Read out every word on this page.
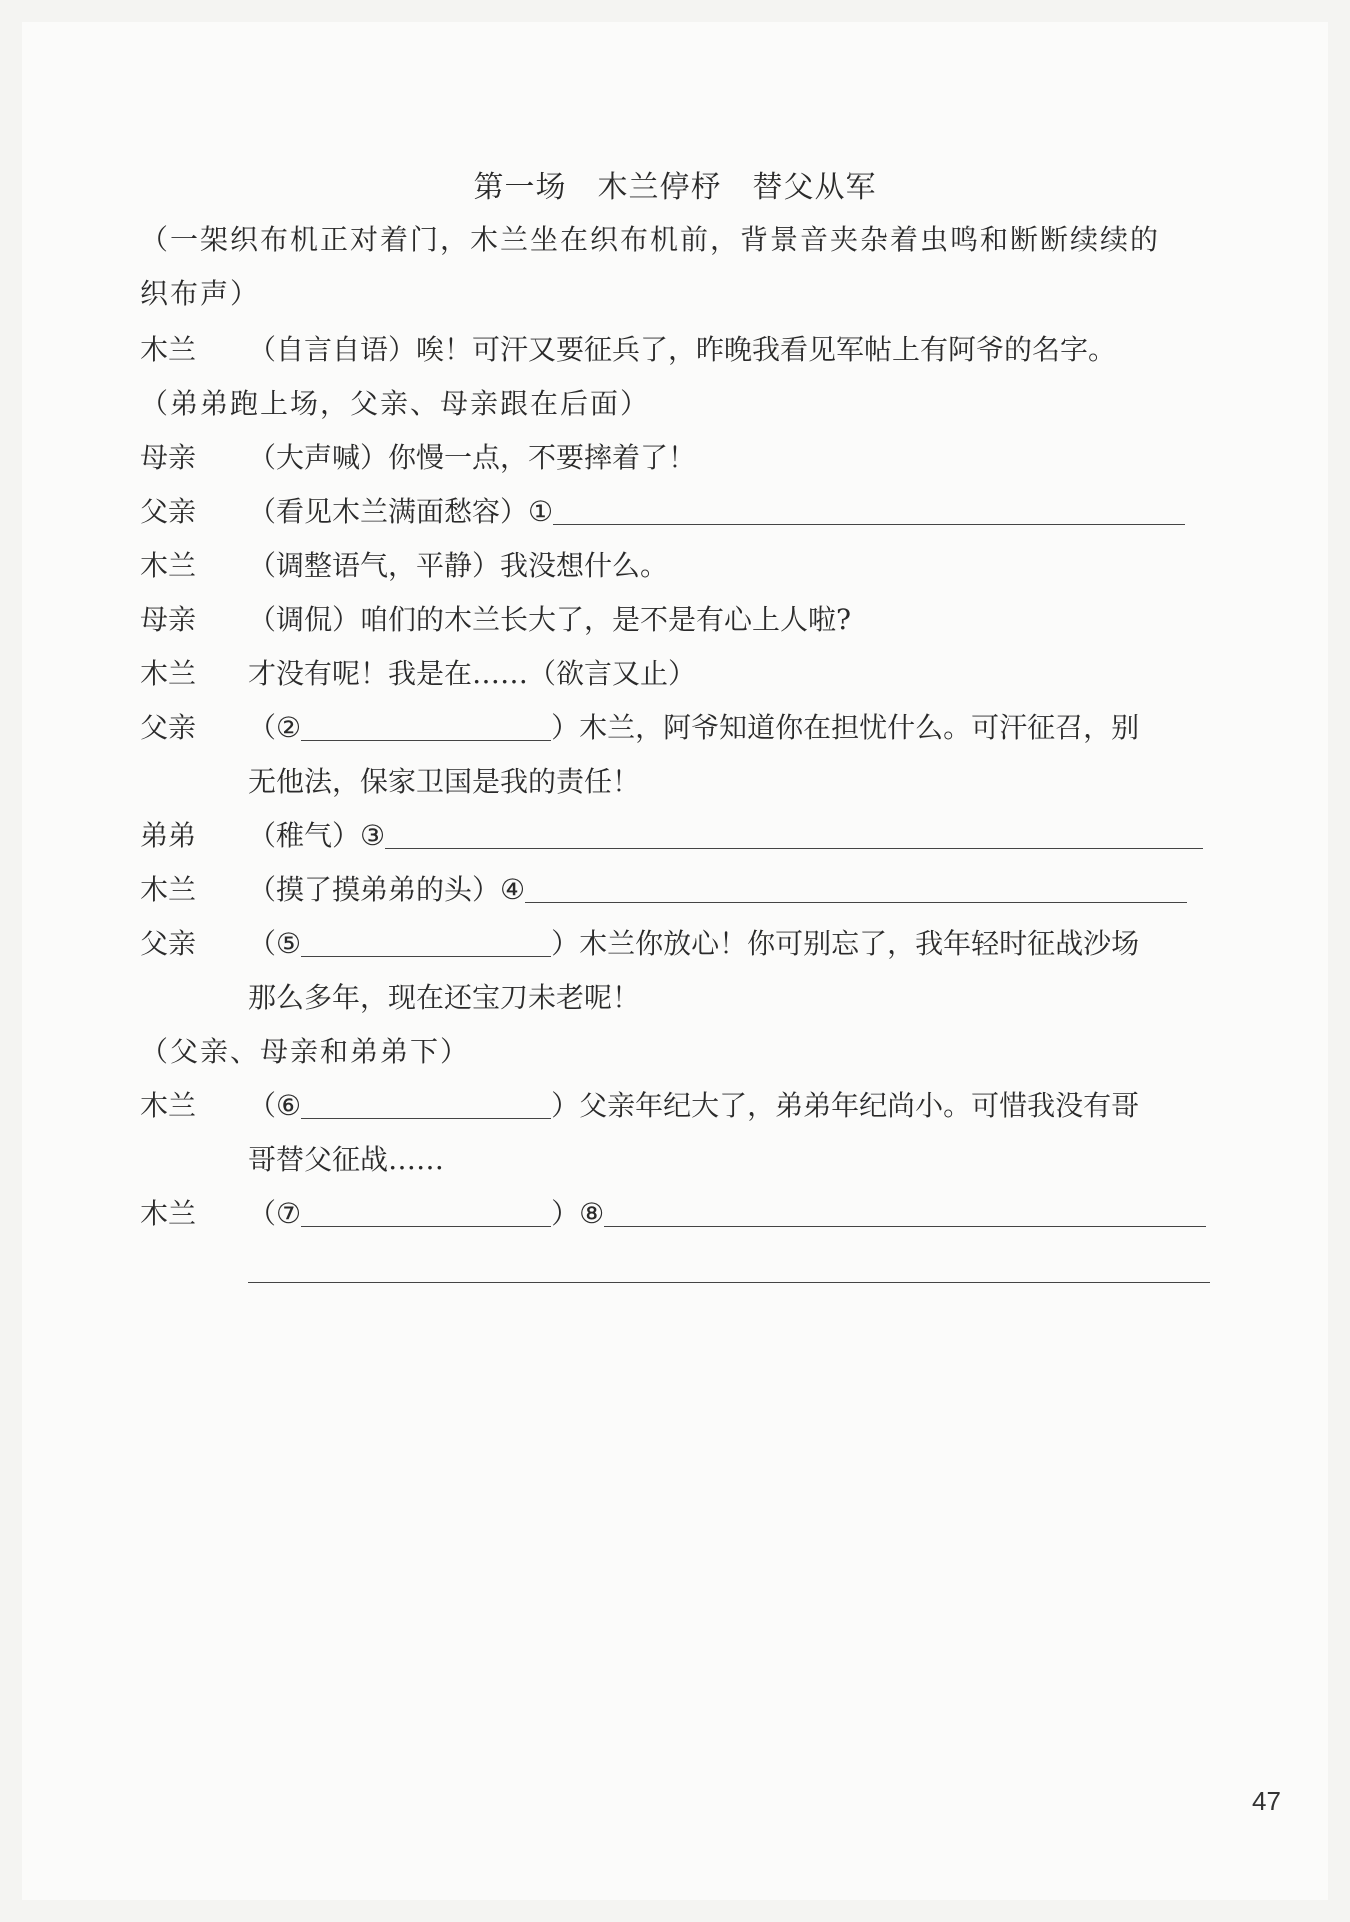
第一场　木兰停杼　替父从军
（一架织布机正对着门，木兰坐在织布机前，背景音夹杂着虫鸣和断断续续的
织布声）
木兰 （自言自语）唉！可汗又要征兵了，昨晚我看见军帖上有阿爷的名字。
（弟弟跑上场，父亲、母亲跟在后面）
母亲 （大声喊）你慢一点，不要摔着了！
父亲 （看见木兰满面愁容）①
木兰 （调整语气，平静）我没想什么。
母亲 （调侃）咱们的木兰长大了，是不是有心上人啦?
木兰 才没有呢！我是在……（欲言又止）
父亲 （②	）木兰，阿爷知道你在担忧什么。可汗征召，别
无他法，保家卫国是我的责任！
弟弟 （稚气）③
木兰 （摸了摸弟弟的头）④
父亲 （⑤	）木兰你放心！你可别忘了，我年轻时征战沙场
那么多年，现在还宝刀未老呢！
（父亲、母亲和弟弟下）
木兰 （⑥	）父亲年纪大了，弟弟年纪尚小。可惜我没有哥
哥替父征战……
木兰 （⑦	）⑧
47
